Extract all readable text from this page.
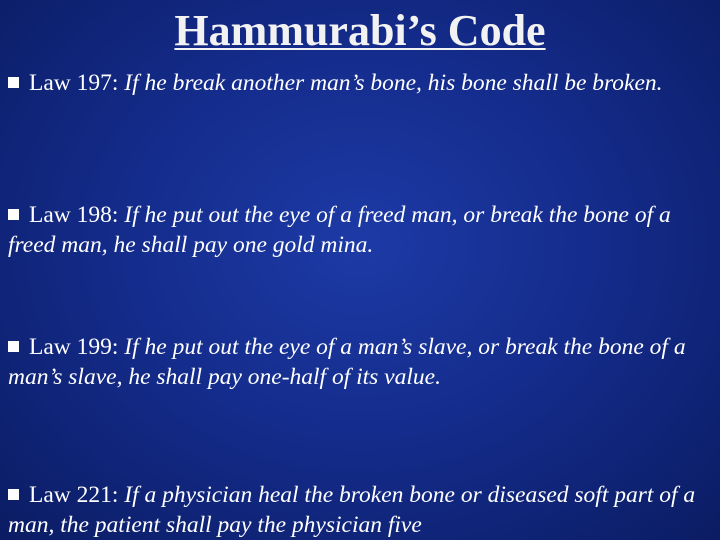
Hammurabi’s Code
Law 197: If he break another man’s bone, his bone shall be broken.
Law 198: If he put out the eye of a freed man, or break the bone of a freed man, he shall pay one gold mina.
Law 199: If he put out the eye of a man’s slave, or break the bone of a man’s slave, he shall pay one-half of its value.
Law 221: If a physician heal the broken bone or diseased soft part of a man, the patient shall pay the physician five
